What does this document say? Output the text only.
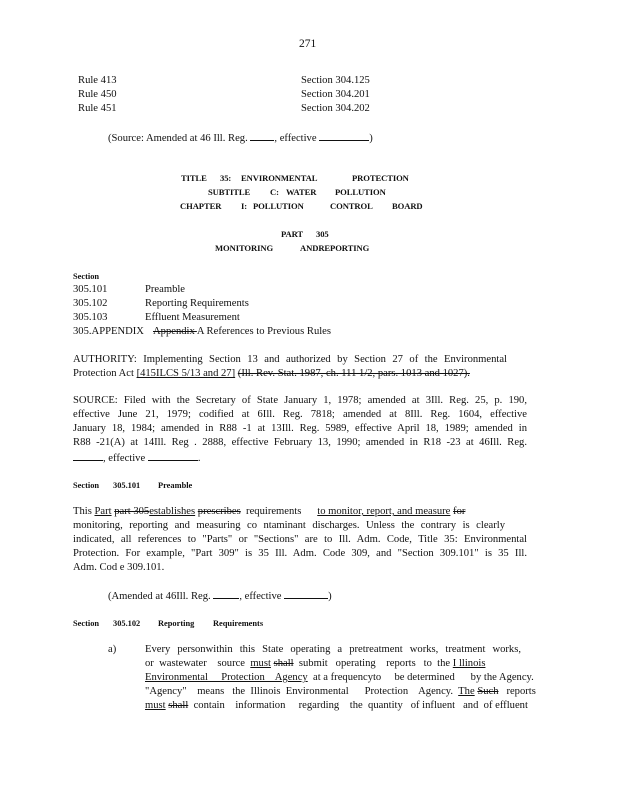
271
Rule 413	Section 304.125
Rule 450	Section 304.201
Rule 451	Section 304.202
(Source: Amended at 46 Ill. Reg.	, effective	)
TITLE 35: ENVIRONMENTAL	PROTECTION
SUBTITLE C: WATER POLLUTION
CHAPTER I: POLLUTION	CONTROL BOARD
PART 305
MONITORING	ANDREPORTING
Section
305.101	Preamble
305.102	Reporting Requirements
305.103	Effluent Measurement
305.APPENDIX Appendix A References to Previous Rules
AUTHORITY: Implementing Section 13 and authorized by Section 27 of the Environmental
Protection Act [415ILCS 5/13 and 27] (Ill. Rev. Stat. 1987, ch. 111 1/2, pars. 1013 and 1027).
SOURCE: Filed with the Secretary of State January 1, 1978; amended at 3Ill. Reg. 25, p. 190,
effective June 21, 1979; codified at 6Ill. Reg. 7818; amended at 8Ill. Reg. 1604, effective
January 18, 1984; amended in R88 -1 at 13Ill. Reg. 5989, effective April 18, 1989; amended in
R88 -21(A) at 14Ill. Reg . 2888, effective February 13, 1990; amended in R18 -23 at 46Ill. Reg.
, effective	.
Section 305.101 Preamble
This Part part 305establishes prescribes  requirements      to monitor, report, and measure for
monitoring, reporting and measuring co ntaminant discharges. Unless the contrary is clearly
indicated, all references to "Parts" or "Sections" are to Ill. Adm. Code, Title 35: Environmental
Protection. For example, "Part 309" is 35 Ill. Adm. Code 309, and "Section 309.101" is 35 Ill.
Adm. Cod e 309.101.
(Amended at 46Ill. Reg.	, effective	)
Section 305.102 Reporting Requirements
a)	Every personwithin this State operating a pretreatment works, treatment works,
or  wastewater    source  must shall  submit   operating    reports   to  the I llinois
Environmental     Protection    Agency  at a frequencyto     be determined      by the Agency.
"Agency"    means   the  Illinois  Environmental      Protection    Agency.  The Such   reports
must shall  contain    information     regarding    the  quantity   of influent   and  of effluent
